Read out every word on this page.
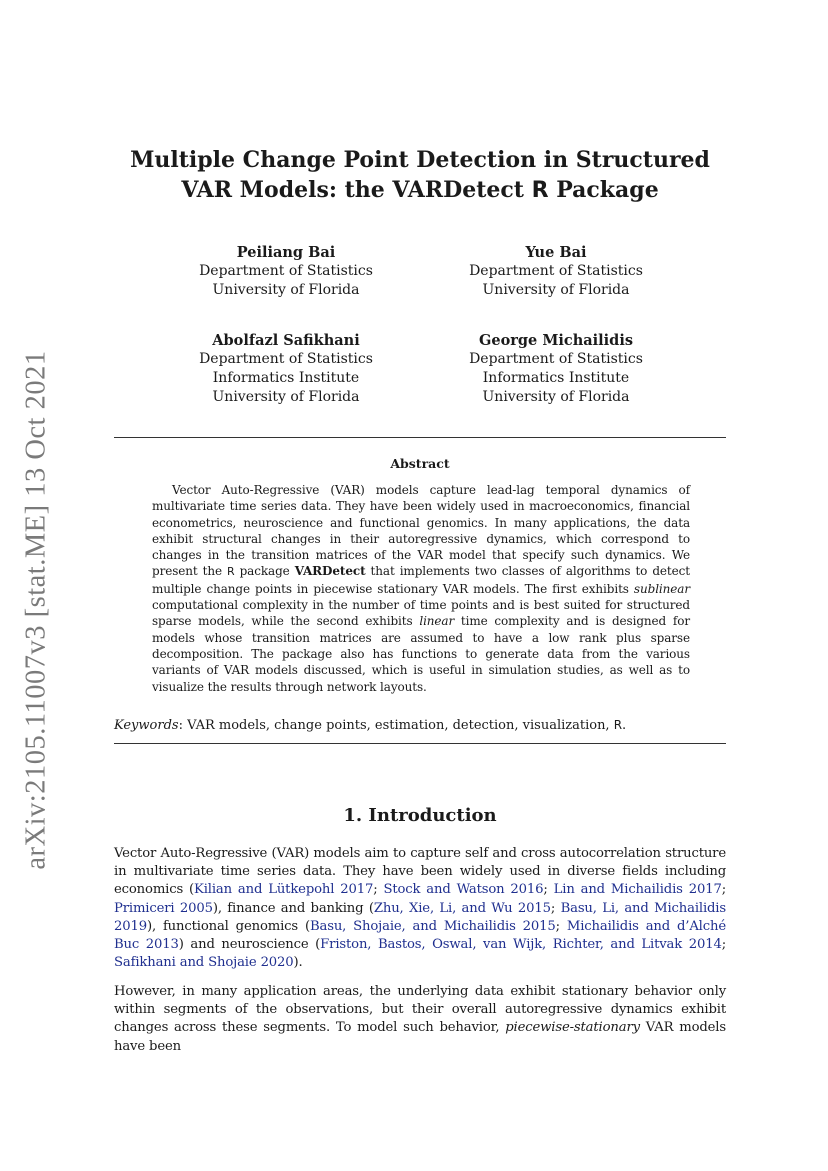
arXiv:2105.11007v3 [stat.ME] 13 Oct 2021
Multiple Change Point Detection in Structured
VAR Models: the VARDetect R Package
Peiliang Bai
Department of Statistics
University of Florida
Yue Bai
Department of Statistics
University of Florida
Abolfazl Safikhani
Department of Statistics
Informatics Institute
University of Florida
George Michailidis
Department of Statistics
Informatics Institute
University of Florida
Abstract
Vector Auto-Regressive (VAR) models capture lead-lag temporal dynamics of multivariate time series data. They have been widely used in macroeconomics, financial econometrics, neuroscience and functional genomics. In many applications, the data exhibit structural changes in their autoregressive dynamics, which correspond to changes in the transition matrices of the VAR model that specify such dynamics. We present the R package VARDetect that implements two classes of algorithms to detect multiple change points in piecewise stationary VAR models. The first exhibits sublinear computational complexity in the number of time points and is best suited for structured sparse models, while the second exhibits linear time complexity and is designed for models whose transition matrices are assumed to have a low rank plus sparse decomposition. The package also has functions to generate data from the various variants of VAR models discussed, which is useful in simulation studies, as well as to visualize the results through network layouts.
Keywords: VAR models, change points, estimation, detection, visualization, R.
1. Introduction
Vector Auto-Regressive (VAR) models aim to capture self and cross autocorrelation structure in multivariate time series data. They have been widely used in diverse fields including economics (Kilian and Lütkepohl 2017; Stock and Watson 2016; Lin and Michailidis 2017; Primiceri 2005), finance and banking (Zhu, Xie, Li, and Wu 2015; Basu, Li, and Michailidis 2019), functional genomics (Basu, Shojaie, and Michailidis 2015; Michailidis and d’Alché Buc 2013) and neuroscience (Friston, Bastos, Oswal, van Wijk, Richter, and Litvak 2014; Safikhani and Shojaie 2020).
However, in many application areas, the underlying data exhibit stationary behavior only within segments of the observations, but their overall autoregressive dynamics exhibit changes across these segments. To model such behavior, piecewise-stationary VAR models have been
